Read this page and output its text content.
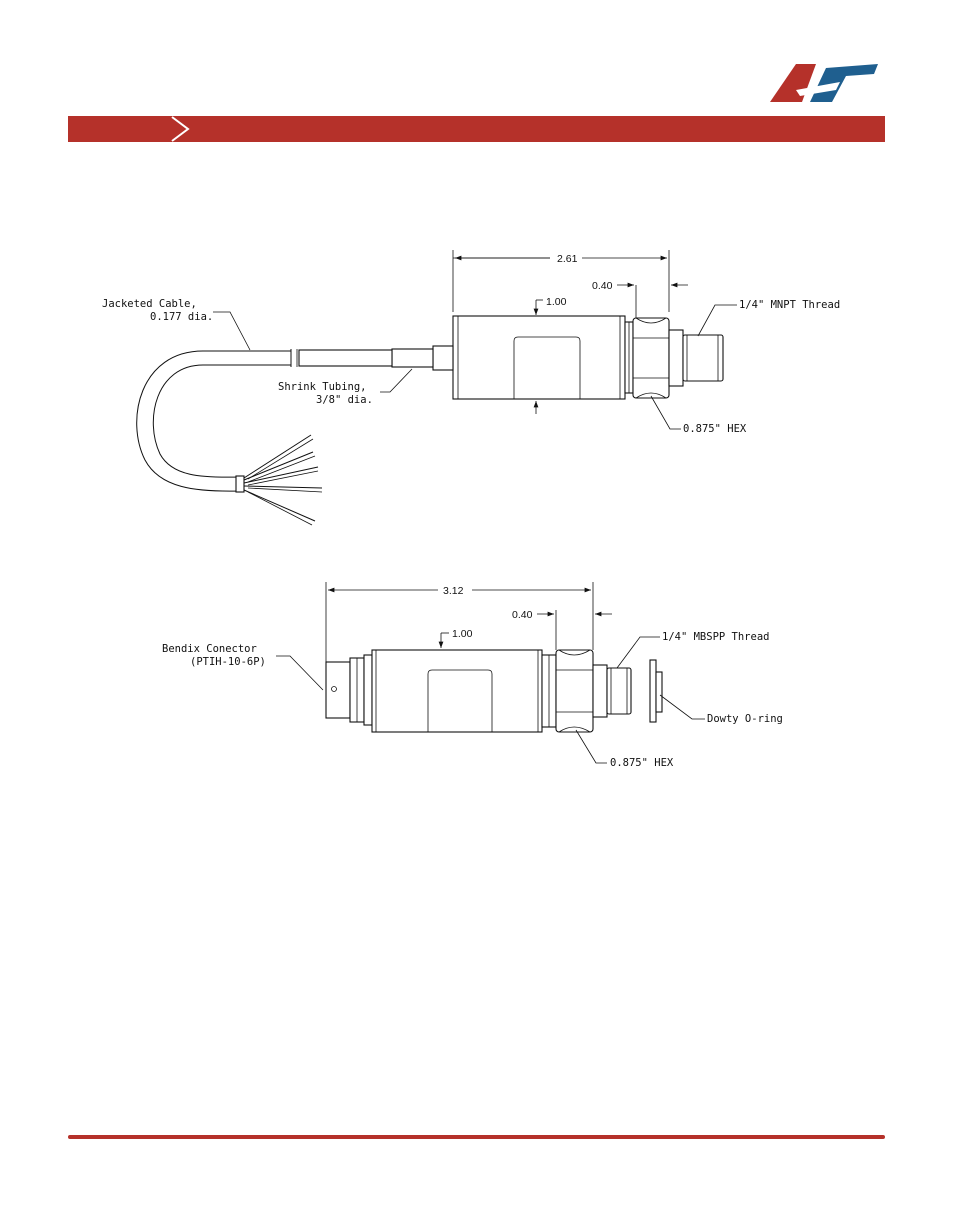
2.61
0.40
1.00
Jacketed Cable,
0.177 dia.
Shrink Tubing,
3/8" dia.
1/4" MNPT Thread
0.875" HEX
3.12
0.40
1.00
Bendix Conector
(PTIH-10-6P)
1/4" MBSPP Thread
Dowty O-ring
0.875" HEX
